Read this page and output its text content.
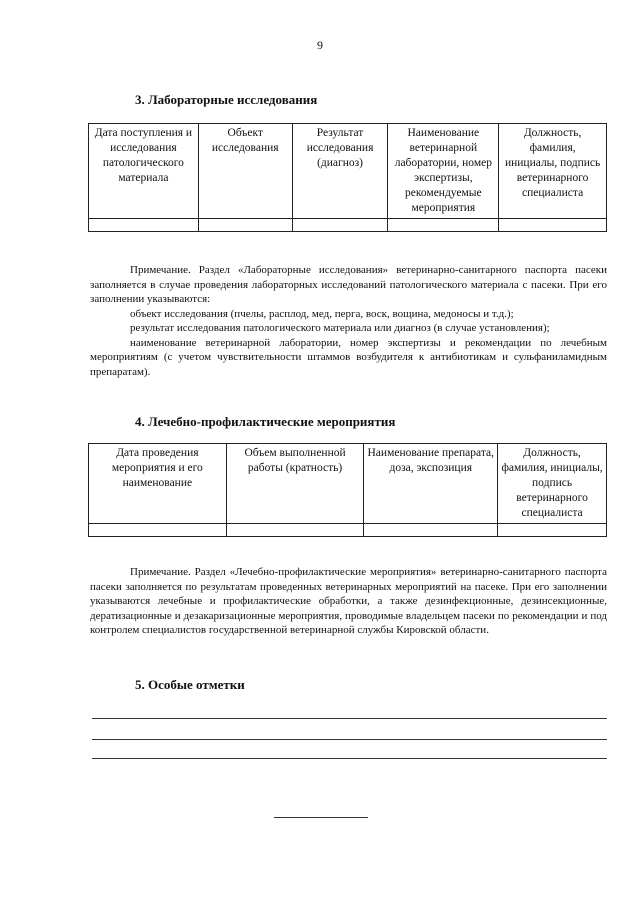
9
3. Лабораторные исследования
Дата поступления и исследования патологического материала	Объект исследования	Результат исследования (диагноз)	Наименование ветеринарной лаборатории, номер экспертизы, рекомендуемые мероприятия	Должность, фамилия, инициалы, подпись ветеринарного специалиста

Примечание. Раздел «Лабораторные исследования» ветеринарно-санитарного паспорта пасеки заполняется в случае проведения лабораторных исследований патологического материала с пасеки. При его заполнении указываются:

объект исследования (пчелы, расплод, мед, перга, воск, вощина, медоносы и т.д.);

результат исследования патологического материала или диагноз (в случае установления);

наименование ветеринарной лаборатории, номер экспертизы и рекомендации по лечебным мероприятиям (с учетом чувствительности штаммов возбудителя к антибиотикам и сульфаниламидным препаратам).

4. Лечебно-профилактические мероприятия
Дата проведения мероприятия и его наименование	Объем выполненной работы (кратность)	Наименование препарата, доза, экспозиция	Должность, фамилия, инициалы, подпись ветеринарного специалиста

Примечание. Раздел «Лечебно-профилактические мероприятия» ветеринарно-санитарного паспорта пасеки заполняется по результатам проведенных ветеринарных мероприятий на пасеке. При его заполнении указываются лечебные и профилактические обработки, а также дезинфекционные, дезинсекционные, дератизационные и дезакаризационные мероприятия, проводимые владельцем пасеки по рекомендации и под контролем специалистов государственной ветеринарной службы Кировской области.

5. Особые отметки
